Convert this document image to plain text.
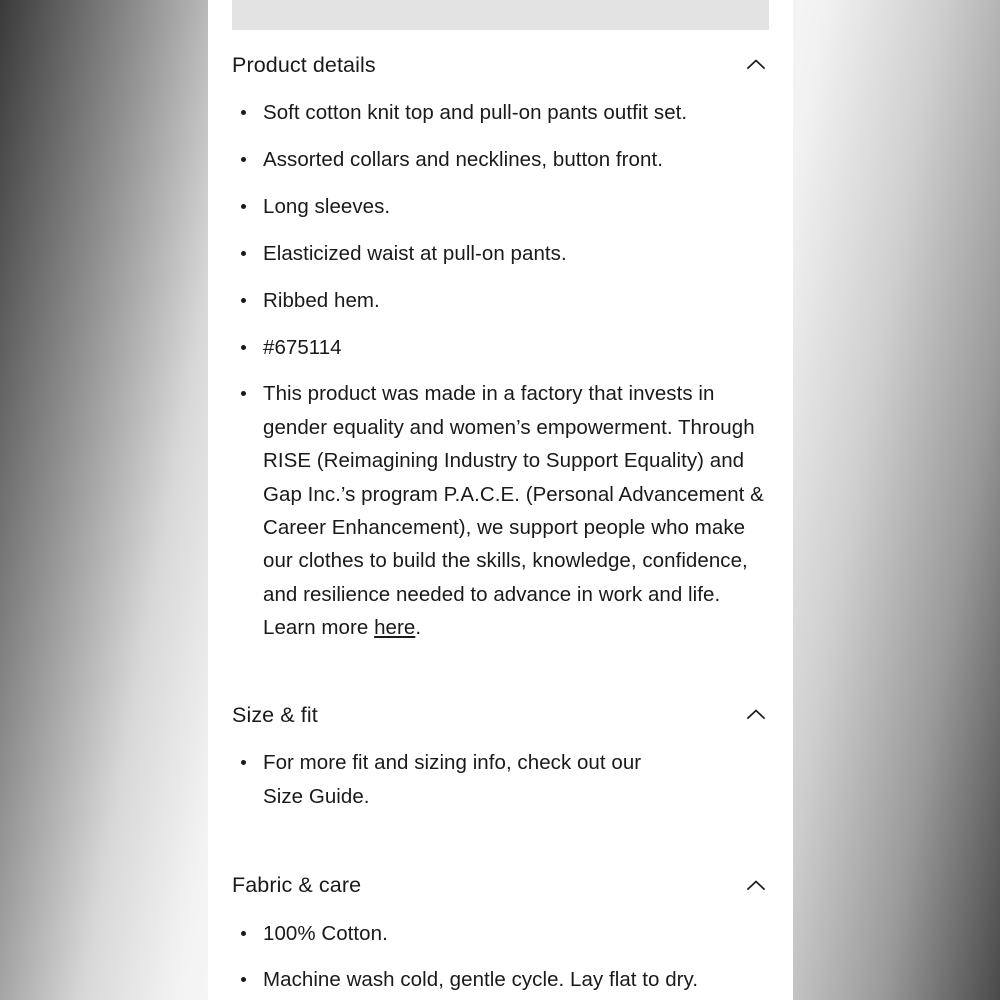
Product details
Soft cotton knit top and pull-on pants outfit set.
Assorted collars and necklines, button front.
Long sleeves.
Elasticized waist at pull-on pants.
Ribbed hem.
#675114
This product was made in a factory that invests in gender equality and women’s empowerment. Through RISE (Reimagining Industry to Support Equality) and Gap Inc.’s program P.A.C.E. (Personal Advancement & Career Enhancement), we support people who make our clothes to build the skills, knowledge, confidence, and resilience needed to advance in work and life. Learn more here.
Size & fit
For more fit and sizing info, check out our Size Guide.
Fabric & care
100% Cotton.
Machine wash cold, gentle cycle. Lay flat to dry.
